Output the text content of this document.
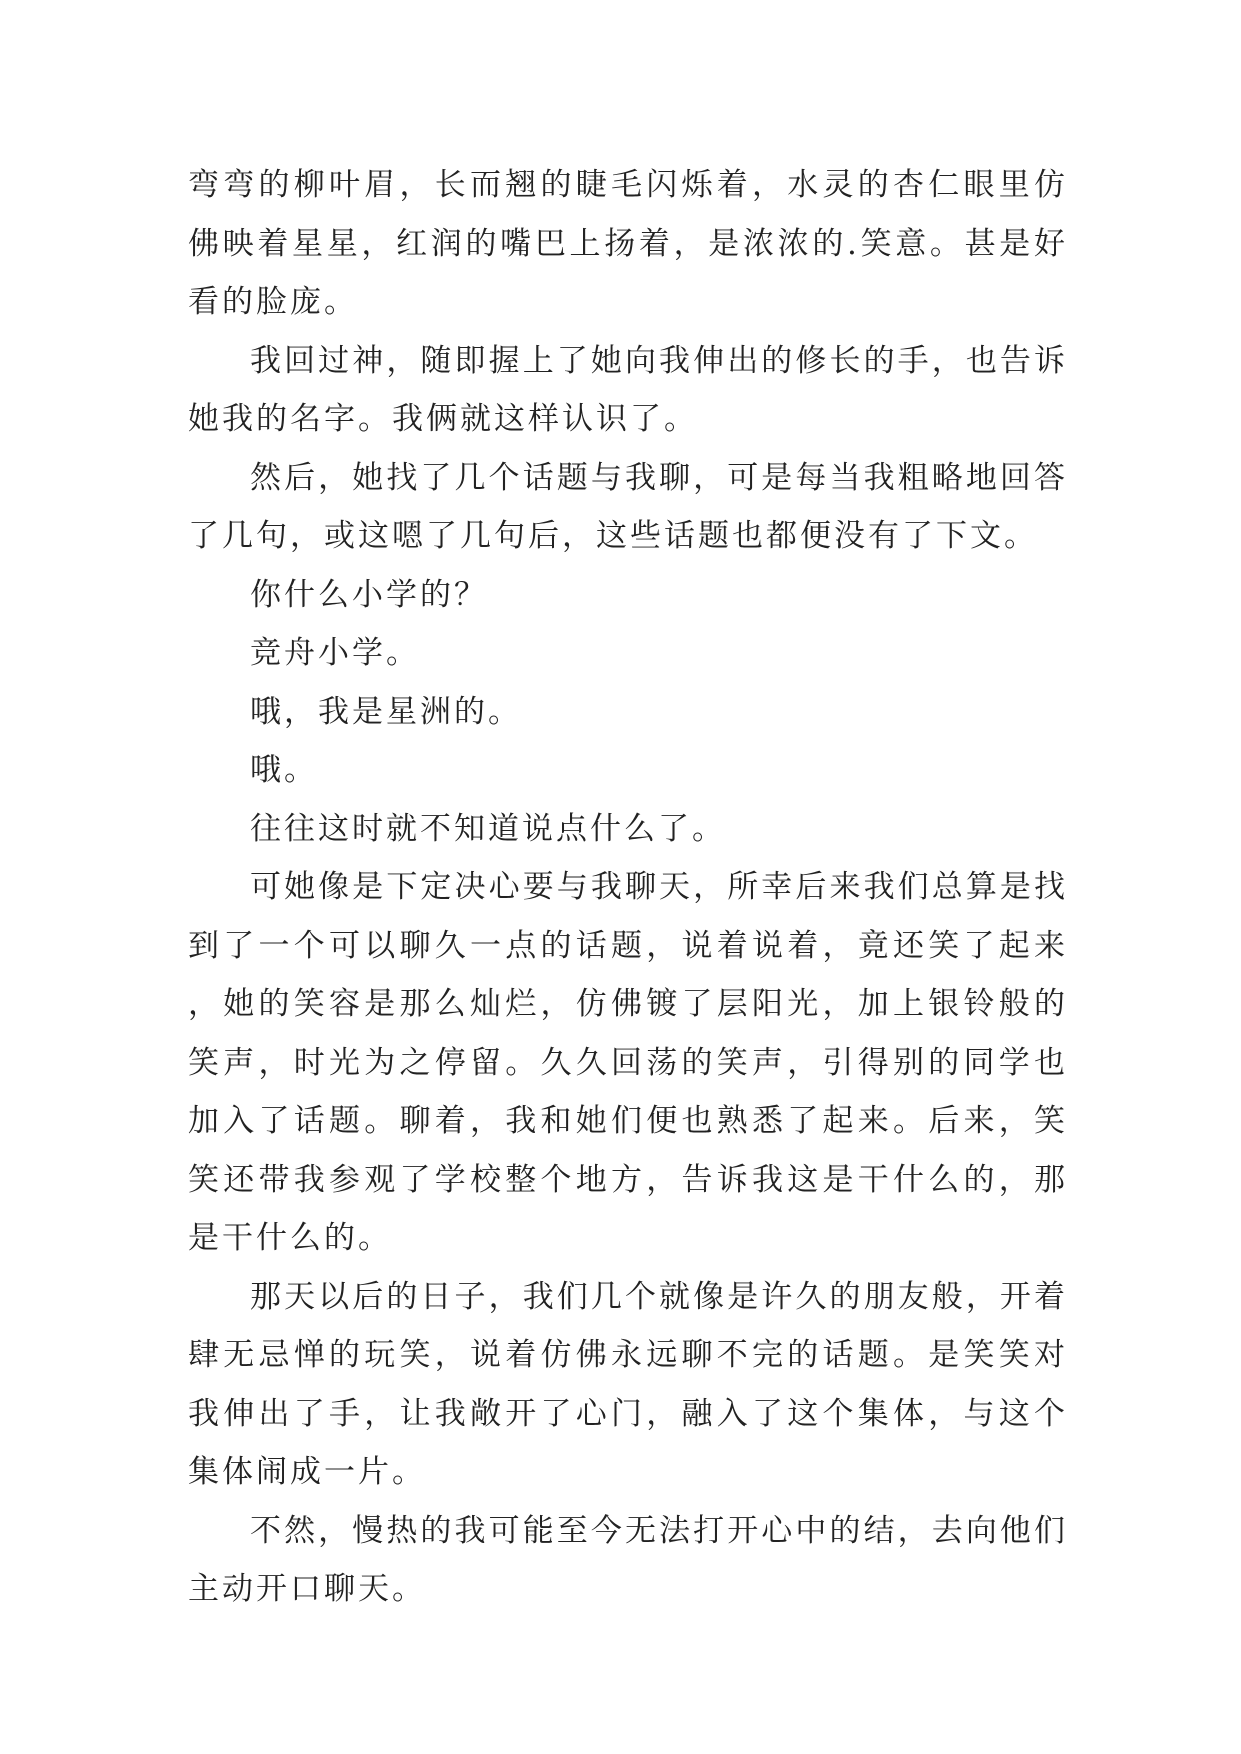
弯弯的柳叶眉，长而翘的睫毛闪烁着，水灵的杏仁眼里仿佛映着星星，红润的嘴巴上扬着，是浓浓的.笑意。甚是好看的脸庞。

我回过神，随即握上了她向我伸出的修长的手，也告诉她我的名字。我俩就这样认识了。

然后，她找了几个话题与我聊，可是每当我粗略地回答了几句，或这嗯了几句后，这些话题也都便没有了下文。

你什么小学的？

竞舟小学。

哦，我是星洲的。

哦。

往往这时就不知道说点什么了。

可她像是下定决心要与我聊天，所幸后来我们总算是找到了一个可以聊久一点的话题，说着说着，竟还笑了起来，她的笑容是那么灿烂，仿佛镀了层阳光，加上银铃般的笑声，时光为之停留。久久回荡的笑声，引得别的同学也加入了话题。聊着，我和她们便也熟悉了起来。后来，笑笑还带我参观了学校整个地方，告诉我这是干什么的，那是干什么的。

那天以后的日子，我们几个就像是许久的朋友般，开着肆无忌惮的玩笑，说着仿佛永远聊不完的话题。是笑笑对我伸出了手，让我敞开了心门，融入了这个集体，与这个集体闹成一片。

不然，慢热的我可能至今无法打开心中的结，去向他们主动开口聊天。
